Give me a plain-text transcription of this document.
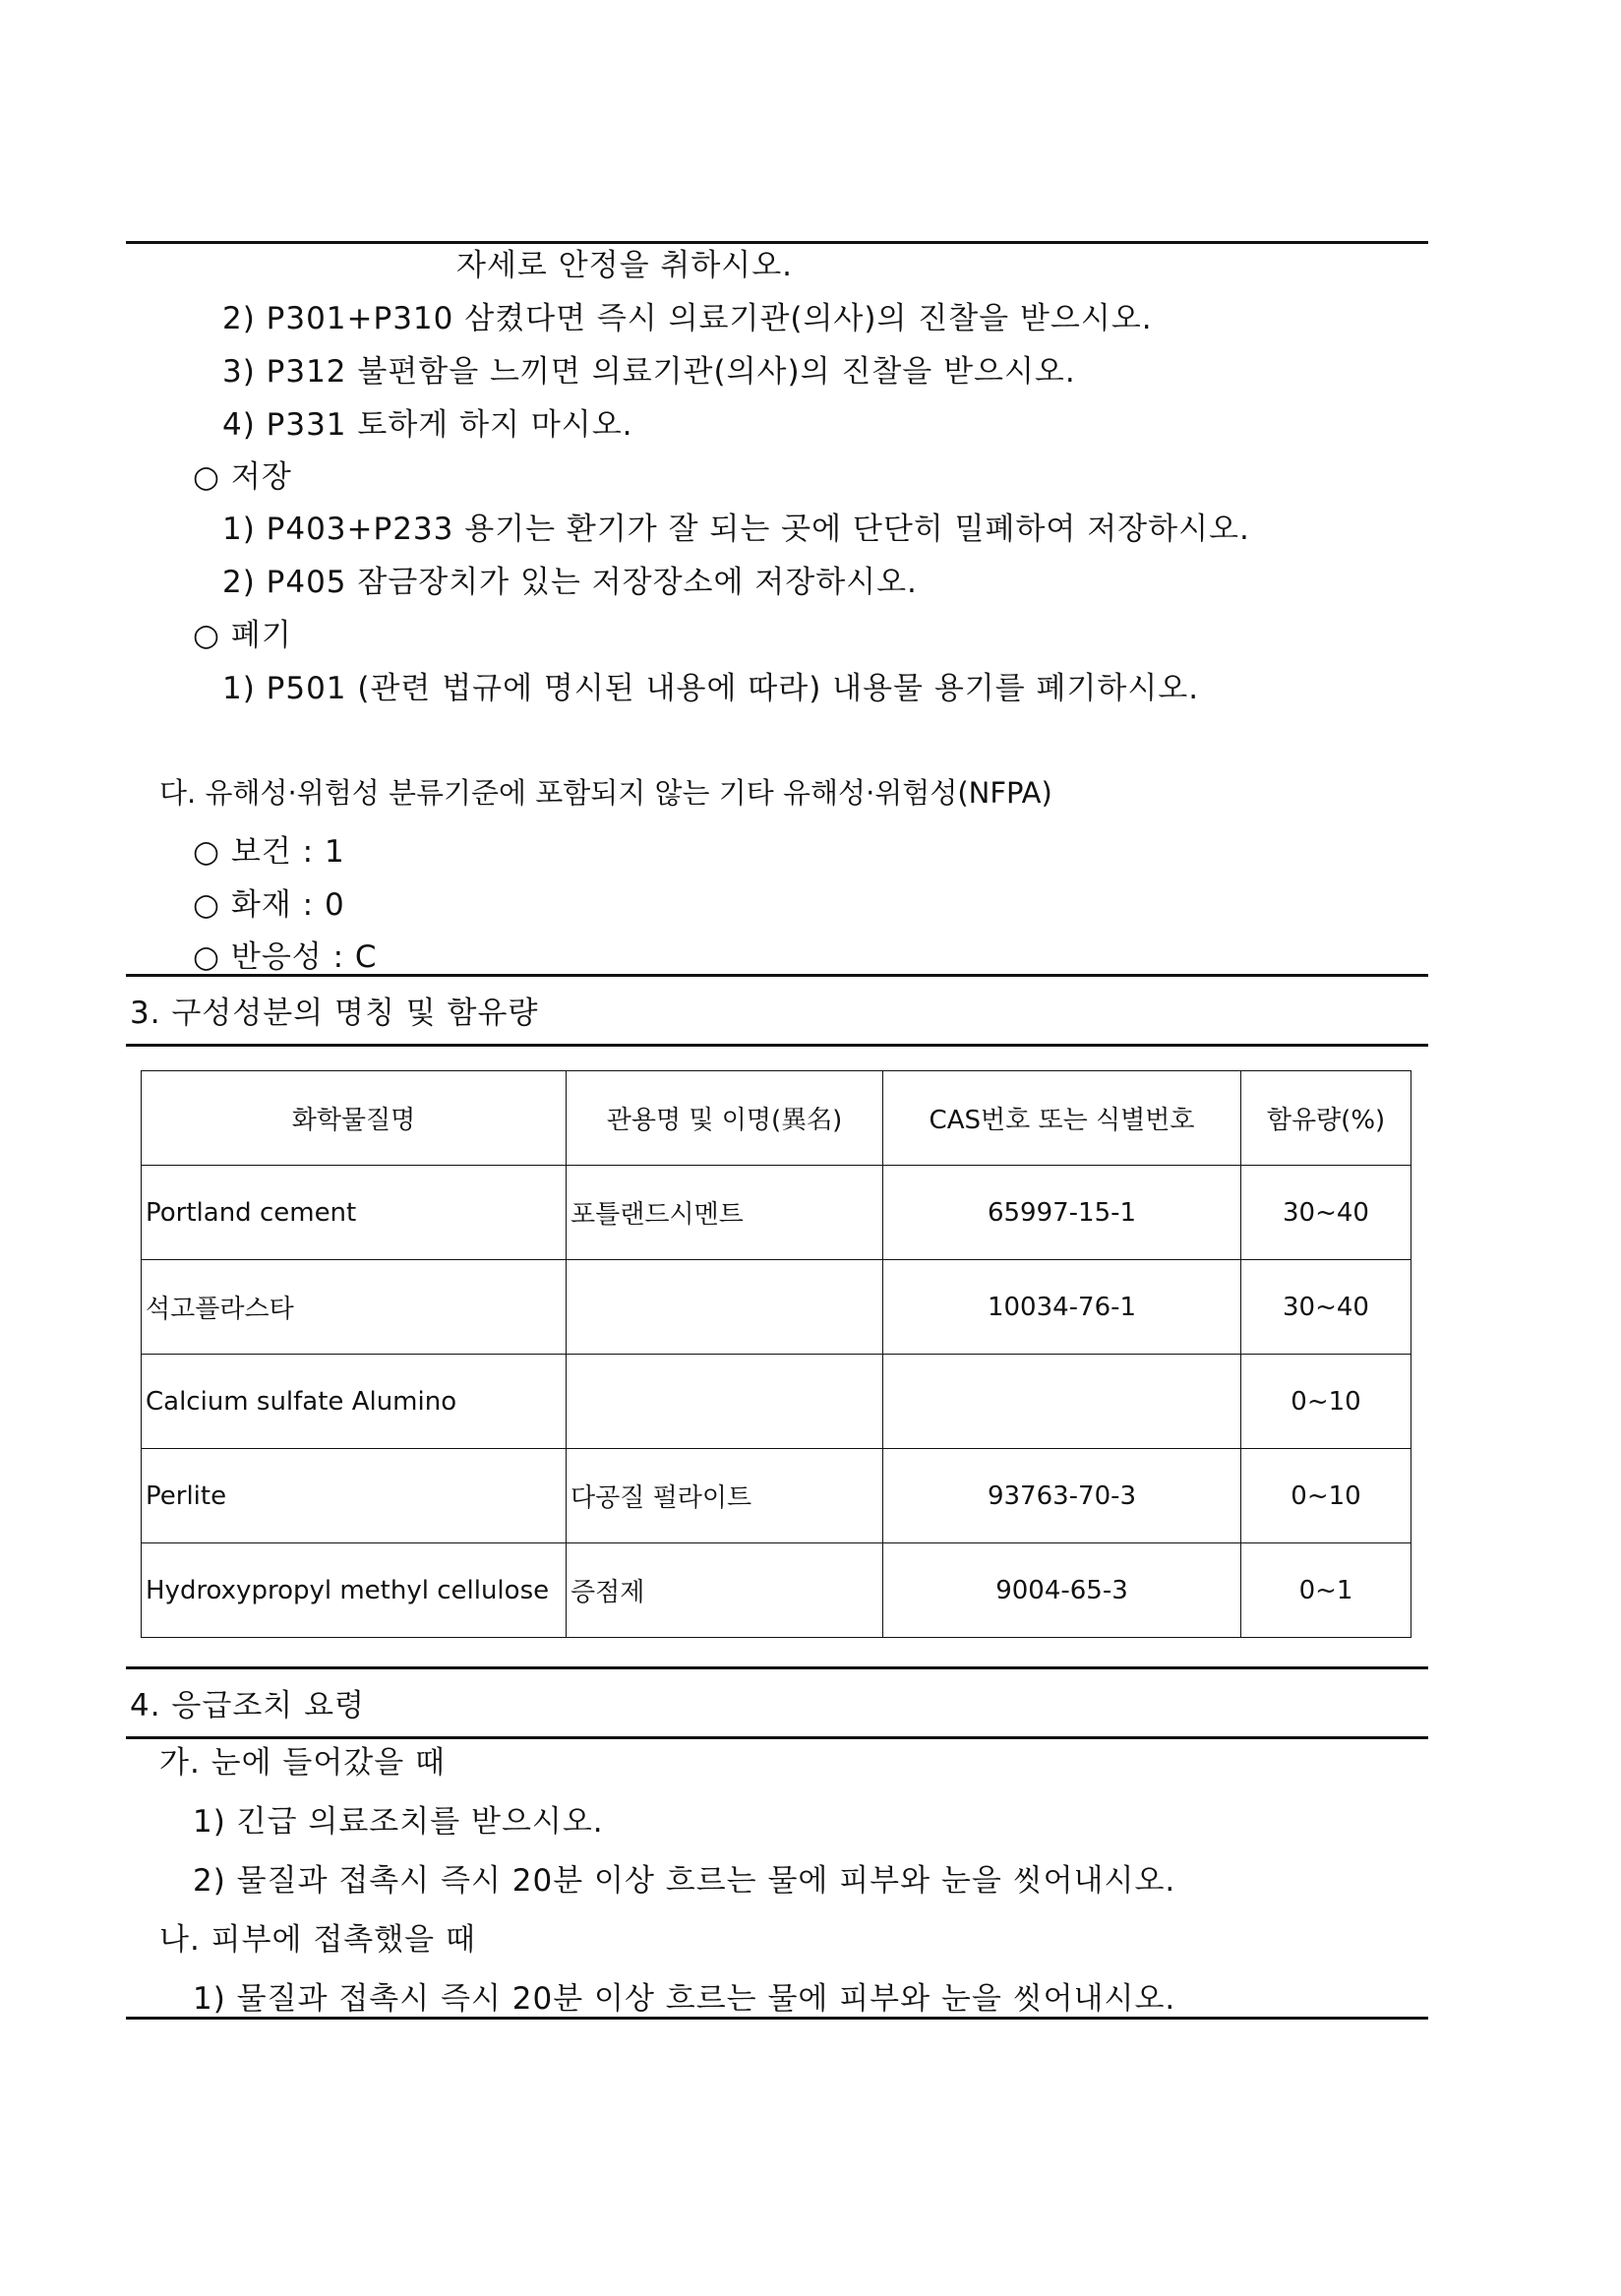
자세로 안정을 취하시오.
2) P301+P310 삼켰다면 즉시 의료기관(의사)의 진찰을 받으시오.
3) P312 불편함을 느끼면 의료기관(의사)의 진찰을 받으시오.
4) P331 토하게 하지 마시오.
○ 저장
1) P403+P233 용기는 환기가 잘 되는 곳에 단단히 밀폐하여 저장하시오.
2) P405 잠금장치가 있는 저장장소에 저장하시오.
○ 폐기
1) P501 (관련 법규에 명시된 내용에 따라) 내용물 용기를 폐기하시오.
다. 유해성·위험성 분류기준에 포함되지 않는 기타 유해성·위험성(NFPA)
○ 보건 : 1
○ 화재 : 0
○ 반응성 : C
3. 구성성분의 명칭 및 함유량
화학물질명	관용명 및 이명(異名)	CAS번호 또는 식별번호	함유량(%)
Portland cement	포틀랜드시멘트	65997-15-1	30~40
석고플라스타		10034-76-1	30~40
Calcium sulfate Alumino			0~10
Perlite	다공질 펄라이트	93763-70-3	0~10
Hydroxypropyl methyl cellulose	증점제	9004-65-3	0~1
4. 응급조치 요령
가. 눈에 들어갔을 때
1) 긴급 의료조치를 받으시오.
2) 물질과 접촉시 즉시 20분 이상 흐르는 물에 피부와 눈을 씻어내시오.
나. 피부에 접촉했을 때
1) 물질과 접촉시 즉시 20분 이상 흐르는 물에 피부와 눈을 씻어내시오.
